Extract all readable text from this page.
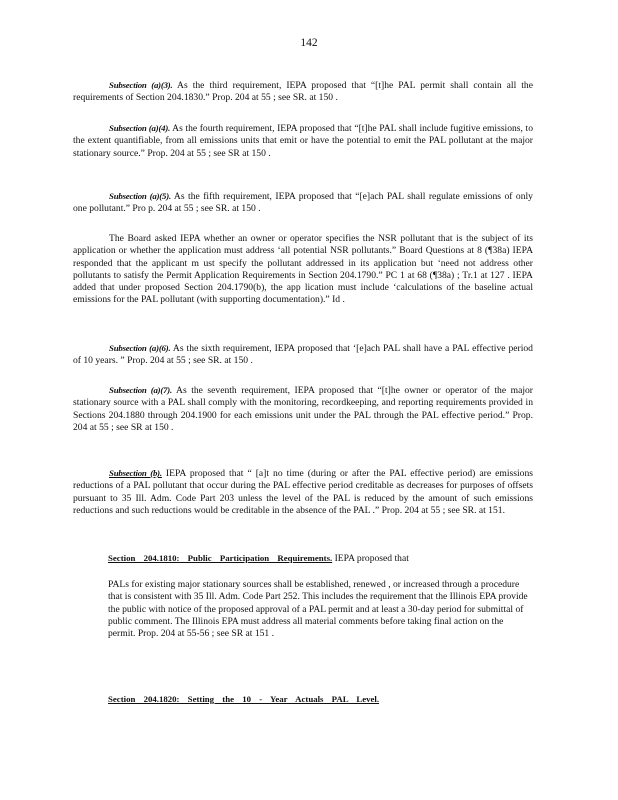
142

Subsection (a)(3). As the third requirement, IEPA proposed that “[t]he PAL permit shall contain all the requirements of Section 204.1830.” Prop. 204 at 55 ; see SR. at 150 .

Subsection (a)(4). As the fourth requirement, IEPA proposed that “[t]he PAL shall include fugitive emissions, to the extent quantifiable, from all emissions units that emit or have the potential to emit the PAL pollutant at the major stationary source.” Prop. 204 at 55 ; see SR at 150 .

Subsection (a)(5). As the fifth requirement, IEPA proposed that “[e]ach PAL shall regulate emissions of only one pollutant.” Pro p. 204 at 55 ; see SR. at 150 .

The Board asked IEPA whether an owner or operator specifies the NSR pollutant that is the subject of its application or whether the application must address ‘all potential NSR pollutants.” Board Questions at 8 (¶38a) IEPA responded that the applicant m ust specify the pollutant addressed in its application but ‘need not address other pollutants to satisfy the Permit Application Requirements in Section 204.1790.” PC 1 at 68 (¶38a) ; Tr.1 at 127 . IEPA added that under proposed Section 204.1790(b), the app lication must include ‘calculations of the baseline actual emissions for the PAL pollutant (with supporting documentation).” Id .

Subsection (a)(6). As the sixth requirement, IEPA proposed that ‘[e]ach PAL shall have a PAL effective period of 10 years. ” Prop. 204 at 55 ; see SR. at 150 .

Subsection (a)(7). As the seventh requirement, IEPA proposed that “[t]he owner or operator of the major stationary source with a PAL shall comply with the monitoring, recordkeeping, and reporting requirements provided in Sections 204.1880 through 204.1900 for each emissions unit under the PAL through the PAL effective period.” Prop. 204 at 55 ; see SR at 150 .

Subsection (b). IEPA proposed that “ [a]t no time (during or after the PAL effective period) are emissions reductions of a PAL pollutant that occur during the PAL effective period creditable as decreases for purposes of offsets pursuant to 35 Ill. Adm. Code Part 203 unless the level of the PAL is reduced by the amount of such emissions reductions and such reductions would be creditable in the absence of the PAL .” Prop. 204 at 55 ; see SR. at 151.

Section 204.1810: Public Participation Requirements. IEPA proposed that

PALs for existing major stationary sources shall be established, renewed , or increased through a procedure that is consistent with 35 Ill. Adm. Code Part 252. This includes the requirement that the Illinois EPA provide the public with notice of the proposed approval of a PAL permit and at least a 30-day period for submittal of public comment. The Illinois EPA must address all material comments before taking final action on the permit. Prop. 204 at 55-56 ; see SR at 151 .

Section 204.1820: Setting the 10 - Year Actuals PAL Level.
